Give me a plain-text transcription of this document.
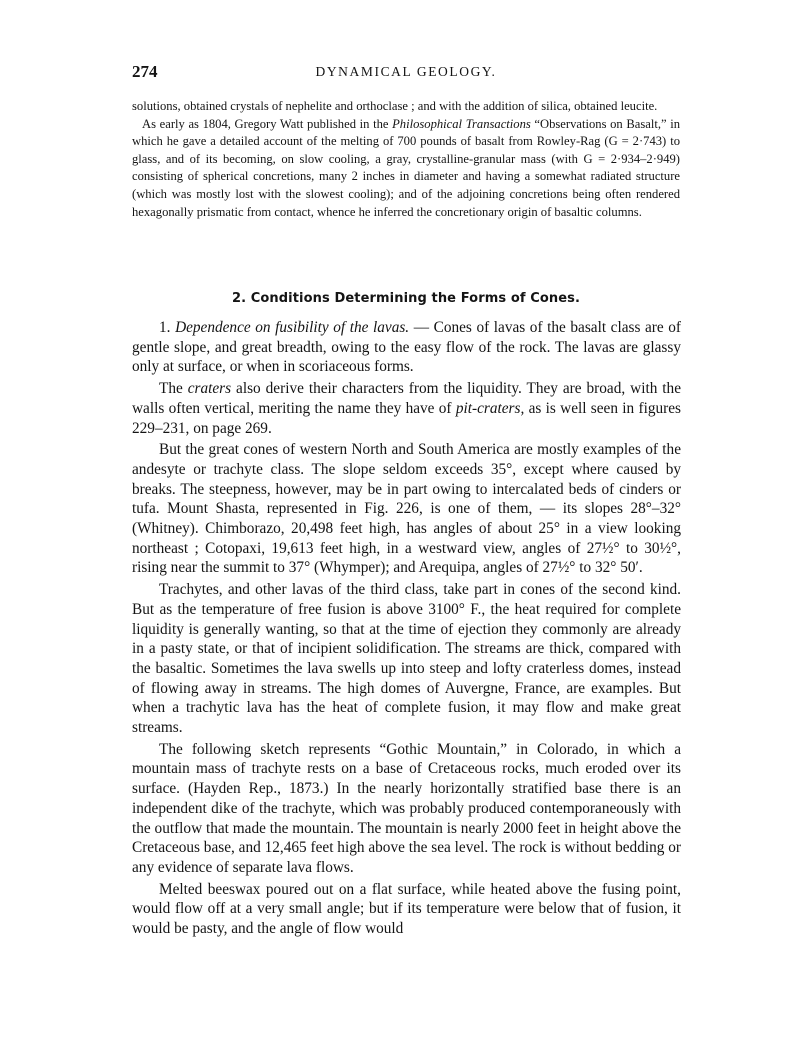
274	DYNAMICAL GEOLOGY.

solutions, obtained crystals of nephelite and orthoclase ; and with the addition of silica, obtained leucite.

As early as 1804, Gregory Watt published in the Philosophical Transactions “Observations on Basalt,” in which he gave a detailed account of the melting of 700 pounds of basalt from Rowley-Rag (G = 2·743) to glass, and of its becoming, on slow cooling, a gray, crystalline-granular mass (with G = 2·934–2·949) consisting of spherical concretions, many 2 inches in diameter and having a somewhat radiated structure (which was mostly lost with the slowest cooling); and of the adjoining concretions being often rendered hexagonally prismatic from contact, whence he inferred the concretionary origin of basaltic columns.

2. Conditions Determining the Forms of Cones.

1. Dependence on fusibility of the lavas. — Cones of lavas of the basalt class are of gentle slope, and great breadth, owing to the easy flow of the rock. The lavas are glassy only at surface, or when in scoriaceous forms.

The craters also derive their characters from the liquidity. They are broad, with the walls often vertical, meriting the name they have of pit-craters, as is well seen in figures 229–231, on page 269.

But the great cones of western North and South America are mostly examples of the andesyte or trachyte class. The slope seldom exceeds 35°, except where caused by breaks. The steepness, however, may be in part owing to intercalated beds of cinders or tufa. Mount Shasta, represented in Fig. 226, is one of them, — its slopes 28°–32° (Whitney). Chimborazo, 20,498 feet high, has angles of about 25° in a view looking northeast ; Cotopaxi, 19,613 feet high, in a westward view, angles of 27½° to 30½°, rising near the summit to 37° (Whymper); and Arequipa, angles of 27½° to 32° 50′.

Trachytes, and other lavas of the third class, take part in cones of the second kind. But as the temperature of free fusion is above 3100° F., the heat required for complete liquidity is generally wanting, so that at the time of ejection they commonly are already in a pasty state, or that of incipient solidification. The streams are thick, compared with the basaltic. Sometimes the lava swells up into steep and lofty craterless domes, instead of flowing away in streams. The high domes of Auvergne, France, are examples. But when a trachytic lava has the heat of complete fusion, it may flow and make great streams.

The following sketch represents “Gothic Mountain,” in Colorado, in which a mountain mass of trachyte rests on a base of Cretaceous rocks, much eroded over its surface. (Hayden Rep., 1873.) In the nearly horizontally stratified base there is an independent dike of the trachyte, which was probably produced contemporaneously with the outflow that made the mountain. The mountain is nearly 2000 feet in height above the Cretaceous base, and 12,465 feet high above the sea level. The rock is without bedding or any evidence of separate lava flows.

Melted beeswax poured out on a flat surface, while heated above the fusing point, would flow off at a very small angle; but if its temperature were below that of fusion, it would be pasty, and the angle of flow would
